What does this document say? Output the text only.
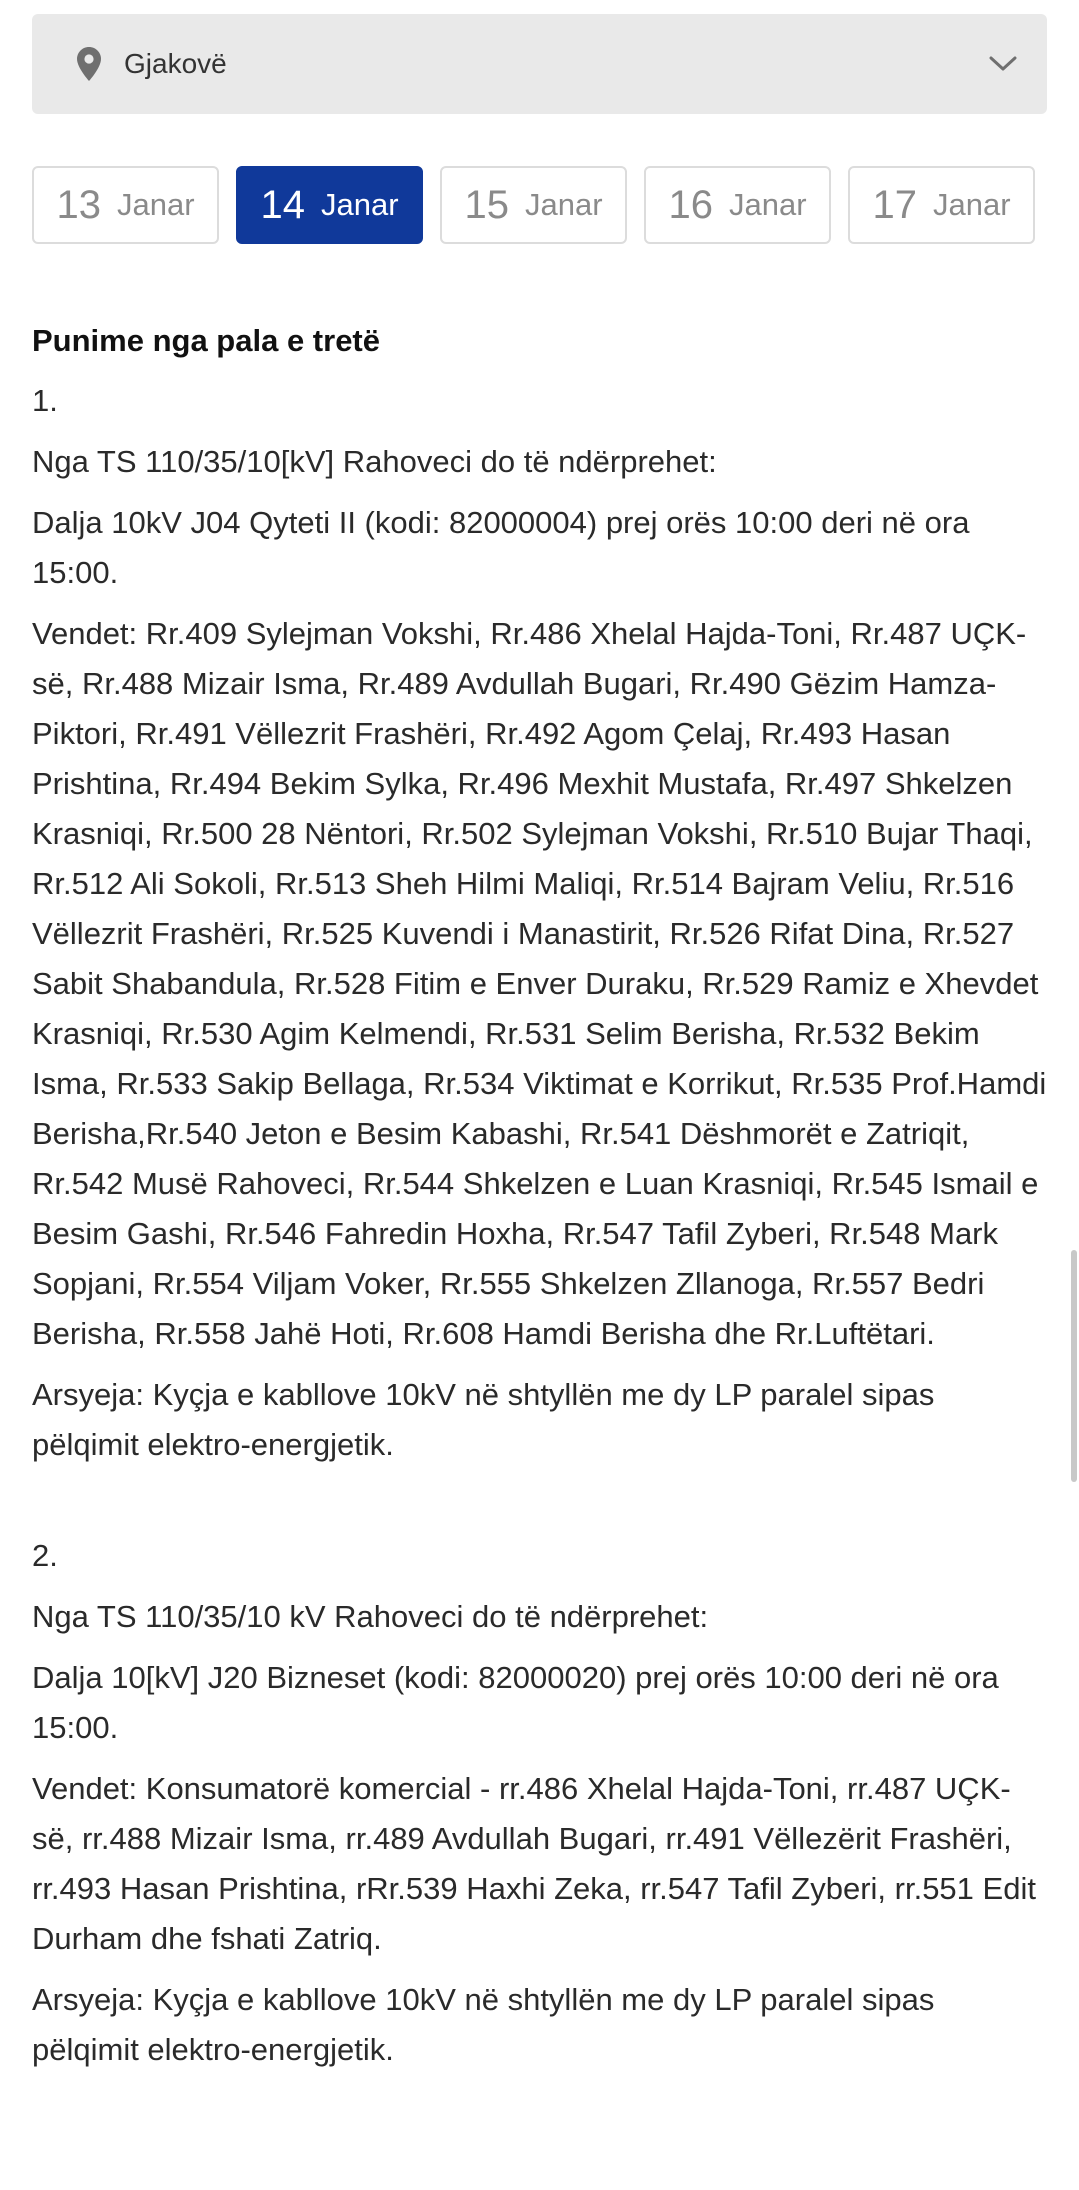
Gjakovë
13 Janar 14 Janar 15 Janar 16 Janar 17 Janar
Punime nga pala e tretë

1.

Nga TS 110/35/10[kV] Rahoveci do të ndërprehet:

Dalja 10kV J04 Qyteti II (kodi: 82000004) prej orës 10:00 deri në ora 15:00.

Vendet: Rr.409 Sylejman Vokshi, Rr.486 Xhelal Hajda-Toni, Rr.487 UÇK-së, Rr.488 Mizair Isma, Rr.489 Avdullah Bugari, Rr.490 Gëzim Hamza-Piktori, Rr.491 Vëllezrit Frashëri, Rr.492 Agom Çelaj, Rr.493 Hasan Prishtina, Rr.494 Bekim Sylka, Rr.496 Mexhit Mustafa, Rr.497 Shkelzen Krasniqi, Rr.500 28 Nëntori, Rr.502 Sylejman Vokshi, Rr.510 Bujar Thaqi, Rr.512 Ali Sokoli, Rr.513 Sheh Hilmi Maliqi, Rr.514 Bajram Veliu, Rr.516 Vëllezrit Frashëri, Rr.525 Kuvendi i Manastirit, Rr.526 Rifat Dina, Rr.527 Sabit Shabandula, Rr.528 Fitim e Enver Duraku, Rr.529 Ramiz e Xhevdet Krasniqi, Rr.530 Agim Kelmendi, Rr.531 Selim Berisha, Rr.532 Bekim Isma, Rr.533 Sakip Bellaga, Rr.534 Viktimat e Korrikut, Rr.535 Prof.Hamdi Berisha,Rr.540 Jeton e Besim Kabashi, Rr.541 Dëshmorët e Zatriqit, Rr.542 Musë Rahoveci, Rr.544 Shkelzen e Luan Krasniqi, Rr.545 Ismail e Besim Gashi, Rr.546 Fahredin Hoxha, Rr.547 Tafil Zyberi, Rr.548 Mark Sopjani, Rr.554 Viljam Voker, Rr.555 Shkelzen Zllanoga, Rr.557 Bedri Berisha, Rr.558 Jahë Hoti, Rr.608 Hamdi Berisha dhe Rr.Luftëtari.

Arsyeja: Kyçja e kabllove 10kV në shtyllën me dy LP paralel sipas pëlqimit elektro-energjetik.

2.

Nga TS 110/35/10 kV Rahoveci do të ndërprehet:

Dalja 10[kV] J20 Bizneset (kodi: 82000020) prej orës 10:00 deri në ora 15:00.

Vendet: Konsumatorë komercial - rr.486 Xhelal Hajda-Toni, rr.487 UÇK-së, rr.488 Mizair Isma, rr.489 Avdullah Bugari, rr.491 Vëllezërit Frashëri, rr.493 Hasan Prishtina, rRr.539 Haxhi Zeka, rr.547 Tafil Zyberi, rr.551 Edit Durham dhe fshati Zatriq.

Arsyeja: Kyçja e kabllove 10kV në shtyllën me dy LP paralel sipas pëlqimit elektro-energjetik.
